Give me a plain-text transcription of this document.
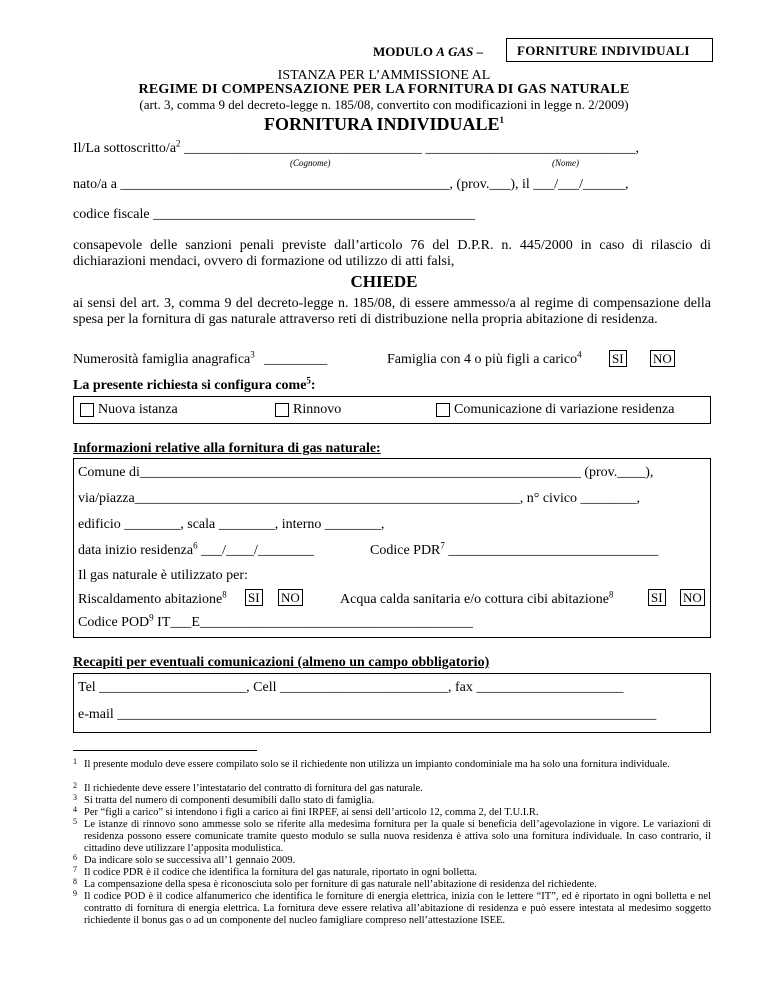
MODULO A GAS –	FORNITURE INDIVIDUALI
ISTANZA PER L’AMMISSIONE AL
REGIME DI COMPENSAZIONE PER LA FORNITURA DI GAS NATURALE
(art. 3, comma 9 del decreto-legge n. 185/08, convertito con modificazioni in legge n. 2/2009)
FORNITURA INDIVIDUALE$^1$
Il/La sottoscritto/$a^2$ __________________________________ ______________________________,
(Cognome)	(Nome)
nato/a a _______________________________________________, (prov.___), il ___/___/______,
codice fiscale ______________________________________________
consapevole delle sanzioni penali previste dall’articolo 76 del D.P.R. n. 445/2000 in caso di rilascio di dichiarazioni mendaci, ovvero di formazione od utilizzo di atti falsi,
CHIEDE
ai sensi del art. 3, comma 9 del decreto-legge n. 185/08, di essere ammesso/a al regime di compensazione della spesa per la fornitura di gas naturale attraverso reti di distribuzione nella propria abitazione di residenza.
Numerosità famiglia anagrafica$^3$ _________	Famiglia con 4 o più figli a carico$^4$ SI NO
La presente richiesta si configura come$^5$:
Nuova istanza	Rinnovo	Comunicazione di variazione residenza
Informazioni relative alla fornitura di gas naturale:
Comune di_______________________________________________________________ (prov.____),
via/piazza_______________________________________________________, n° civico ________,
edificio ________, scala ________, interno ________,
data inizio residenza$^6$ ___/____/________	Codice PDR$^7$ ______________________________
Il gas naturale è utilizzato per:
Riscaldamento abitazione$^8$ SI NO	Acqua calda sanitaria e/o cottura cibi abitazione$^8$	SI NO
Codice POD$^9$ IT___E_______________________________________
Recapiti per eventuali comunicazioni (almeno un campo obbligatorio)
Tel _____________________, Cell ________________________, fax _____________________
e-mail _____________________________________________________________________________
1 Il presente modulo deve essere compilato solo se il richiedente non utilizza un impianto condominiale ma ha solo una fornitura individuale.
2 Il richiedente deve essere l’intestatario del contratto di fornitura del gas naturale.
3 Si tratta del numero di componenti desumibili dallo stato di famiglia.
4 Per “figli a carico” si intendono i figli a carico ai fini IRPEF, ai sensi dell’articolo 12, comma 2, del T.U.I.R.
5 Le istanze di rinnovo sono ammesse solo se riferite alla medesima fornitura per la quale si beneficia dell’agevolazione in vigore. Le variazioni di residenza possono essere comunicate tramite questo modulo se sulla nuova residenza è attiva solo una fornitura individuale. In caso contrario, il cittadino deve utilizzare l’apposita modulistica.
6 Da indicare solo se successiva all’1 gennaio 2009.
7 Il codice PDR è il codice che identifica la fornitura del gas naturale, riportato in ogni bolletta.
8 La compensazione della spesa è riconosciuta solo per forniture di gas naturale nell’abitazione di residenza del richiedente.
9 Il codice POD è il codice alfanumerico che identifica le forniture di energia elettrica, inizia con le lettere “IT”, ed è riportato in ogni bolletta e nel contratto di fornitura di energia elettrica. La fornitura deve essere relativa all’abitazione di residenza e può essere intestata al medesimo soggetto richiedente il bonus gas o ad un componente del nucleo famigliare compreso nell’attestazione ISEE.
